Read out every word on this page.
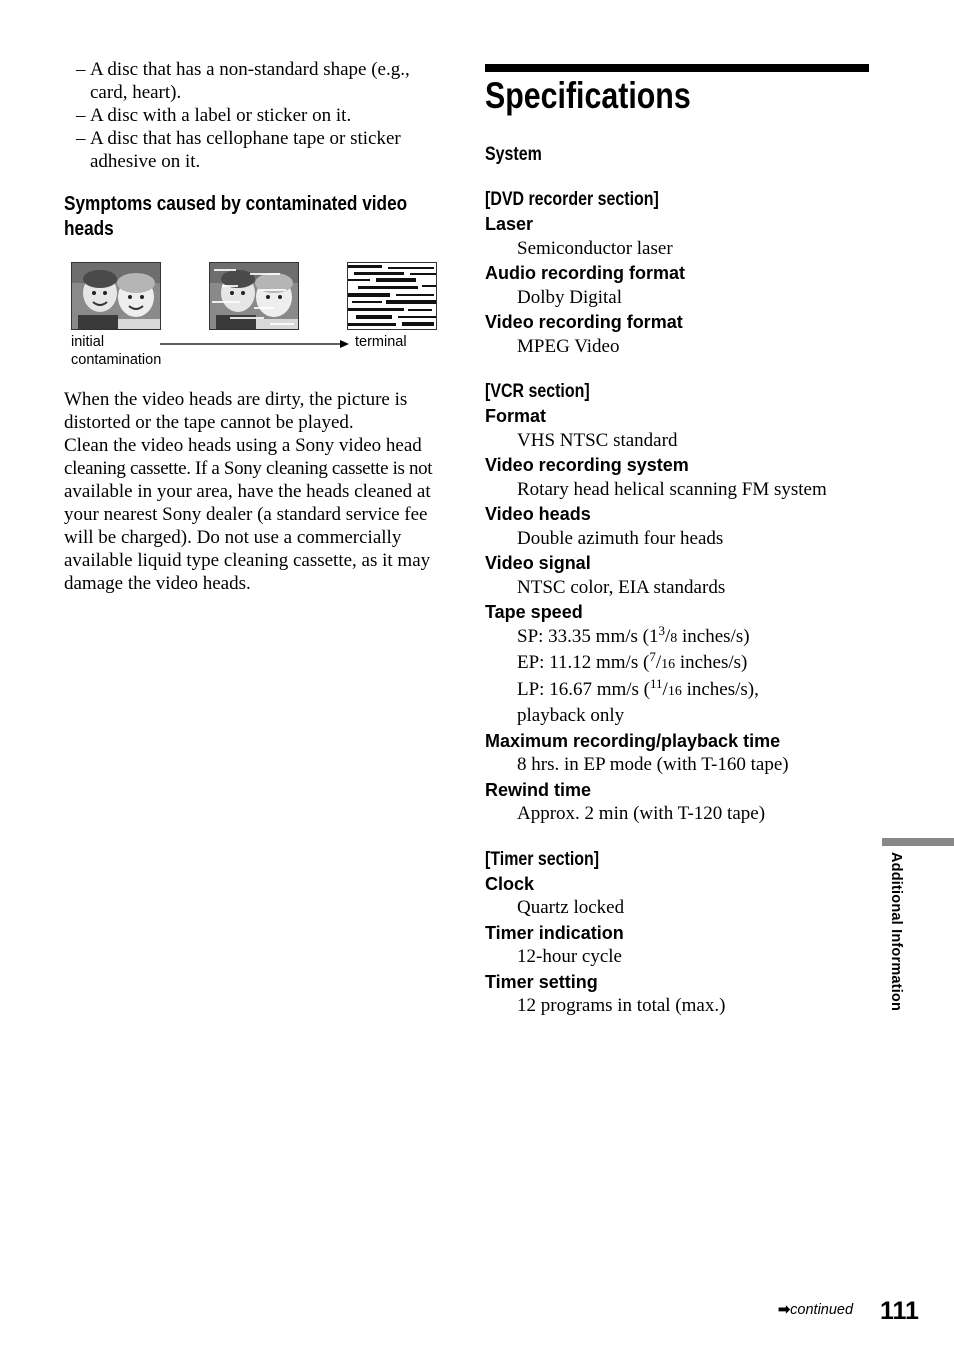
– A disc that has a non-standard shape (e.g.,
card, heart).
– A disc with a label or sticker on it.
– A disc that has cellophane tape or sticker
adhesive on it.
Symptoms caused by contaminated video
heads
initial
contamination
terminal
When the video heads are dirty, the picture is
distorted or the tape cannot be played.
Clean the video heads using a Sony video head
cleaning cassette. If a Sony cleaning cassette is not
available in your area, have the heads cleaned at
your nearest Sony dealer (a standard service fee
will be charged). Do not use a commercially
available liquid type cleaning cassette, as it may
damage the video heads.
Specifications
System
[DVD recorder section]
Laser
Semiconductor laser
Audio recording format
Dolby Digital
Video recording format
MPEG Video
[VCR section]
Format
VHS NTSC standard
Video recording system
Rotary head helical scanning FM system
Video heads
Double azimuth four heads
Video signal
NTSC color, EIA standards
Tape speed
SP: 33.35 mm/s ($1^3/8$ inches/s)
EP: 11.12 mm/s ($^7$/16 inches/s)
LP: 16.67 mm/s ($^{11}$/16 inches/s),
playback only
Maximum recording/playback time
8 hrs. in EP mode (with T-160 tape)
Rewind time
Approx. 2 min (with T-120 tape)
[Timer section]
Clock
Quartz locked
Timer indication
12-hour cycle
Timer setting
12 programs in total (max.)	Additional Information
➡continued 111
